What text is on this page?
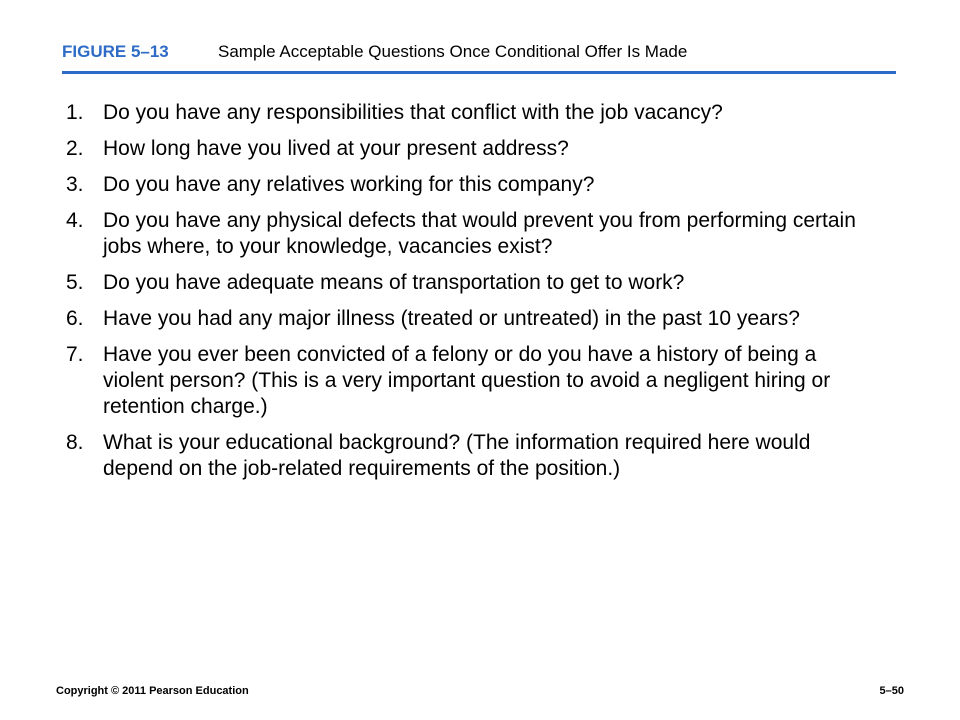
FIGURE 5–13	Sample Acceptable Questions Once Conditional Offer Is Made
1. Do you have any responsibilities that conflict with the job vacancy?
2. How long have you lived at your present address?
3. Do you have any relatives working for this company?
4. Do you have any physical defects that would prevent you from performing certain jobs where, to your knowledge, vacancies exist?
5. Do you have adequate means of transportation to get to work?
6. Have you had any major illness (treated or untreated) in the past 10 years?
7. Have you ever been convicted of a felony or do you have a history of being a violent person? (This is a very important question to avoid a negligent hiring or retention charge.)
8. What is your educational background? (The information required here would depend on the job-related requirements of the position.)
Copyright © 2011 Pearson Education	5–50
